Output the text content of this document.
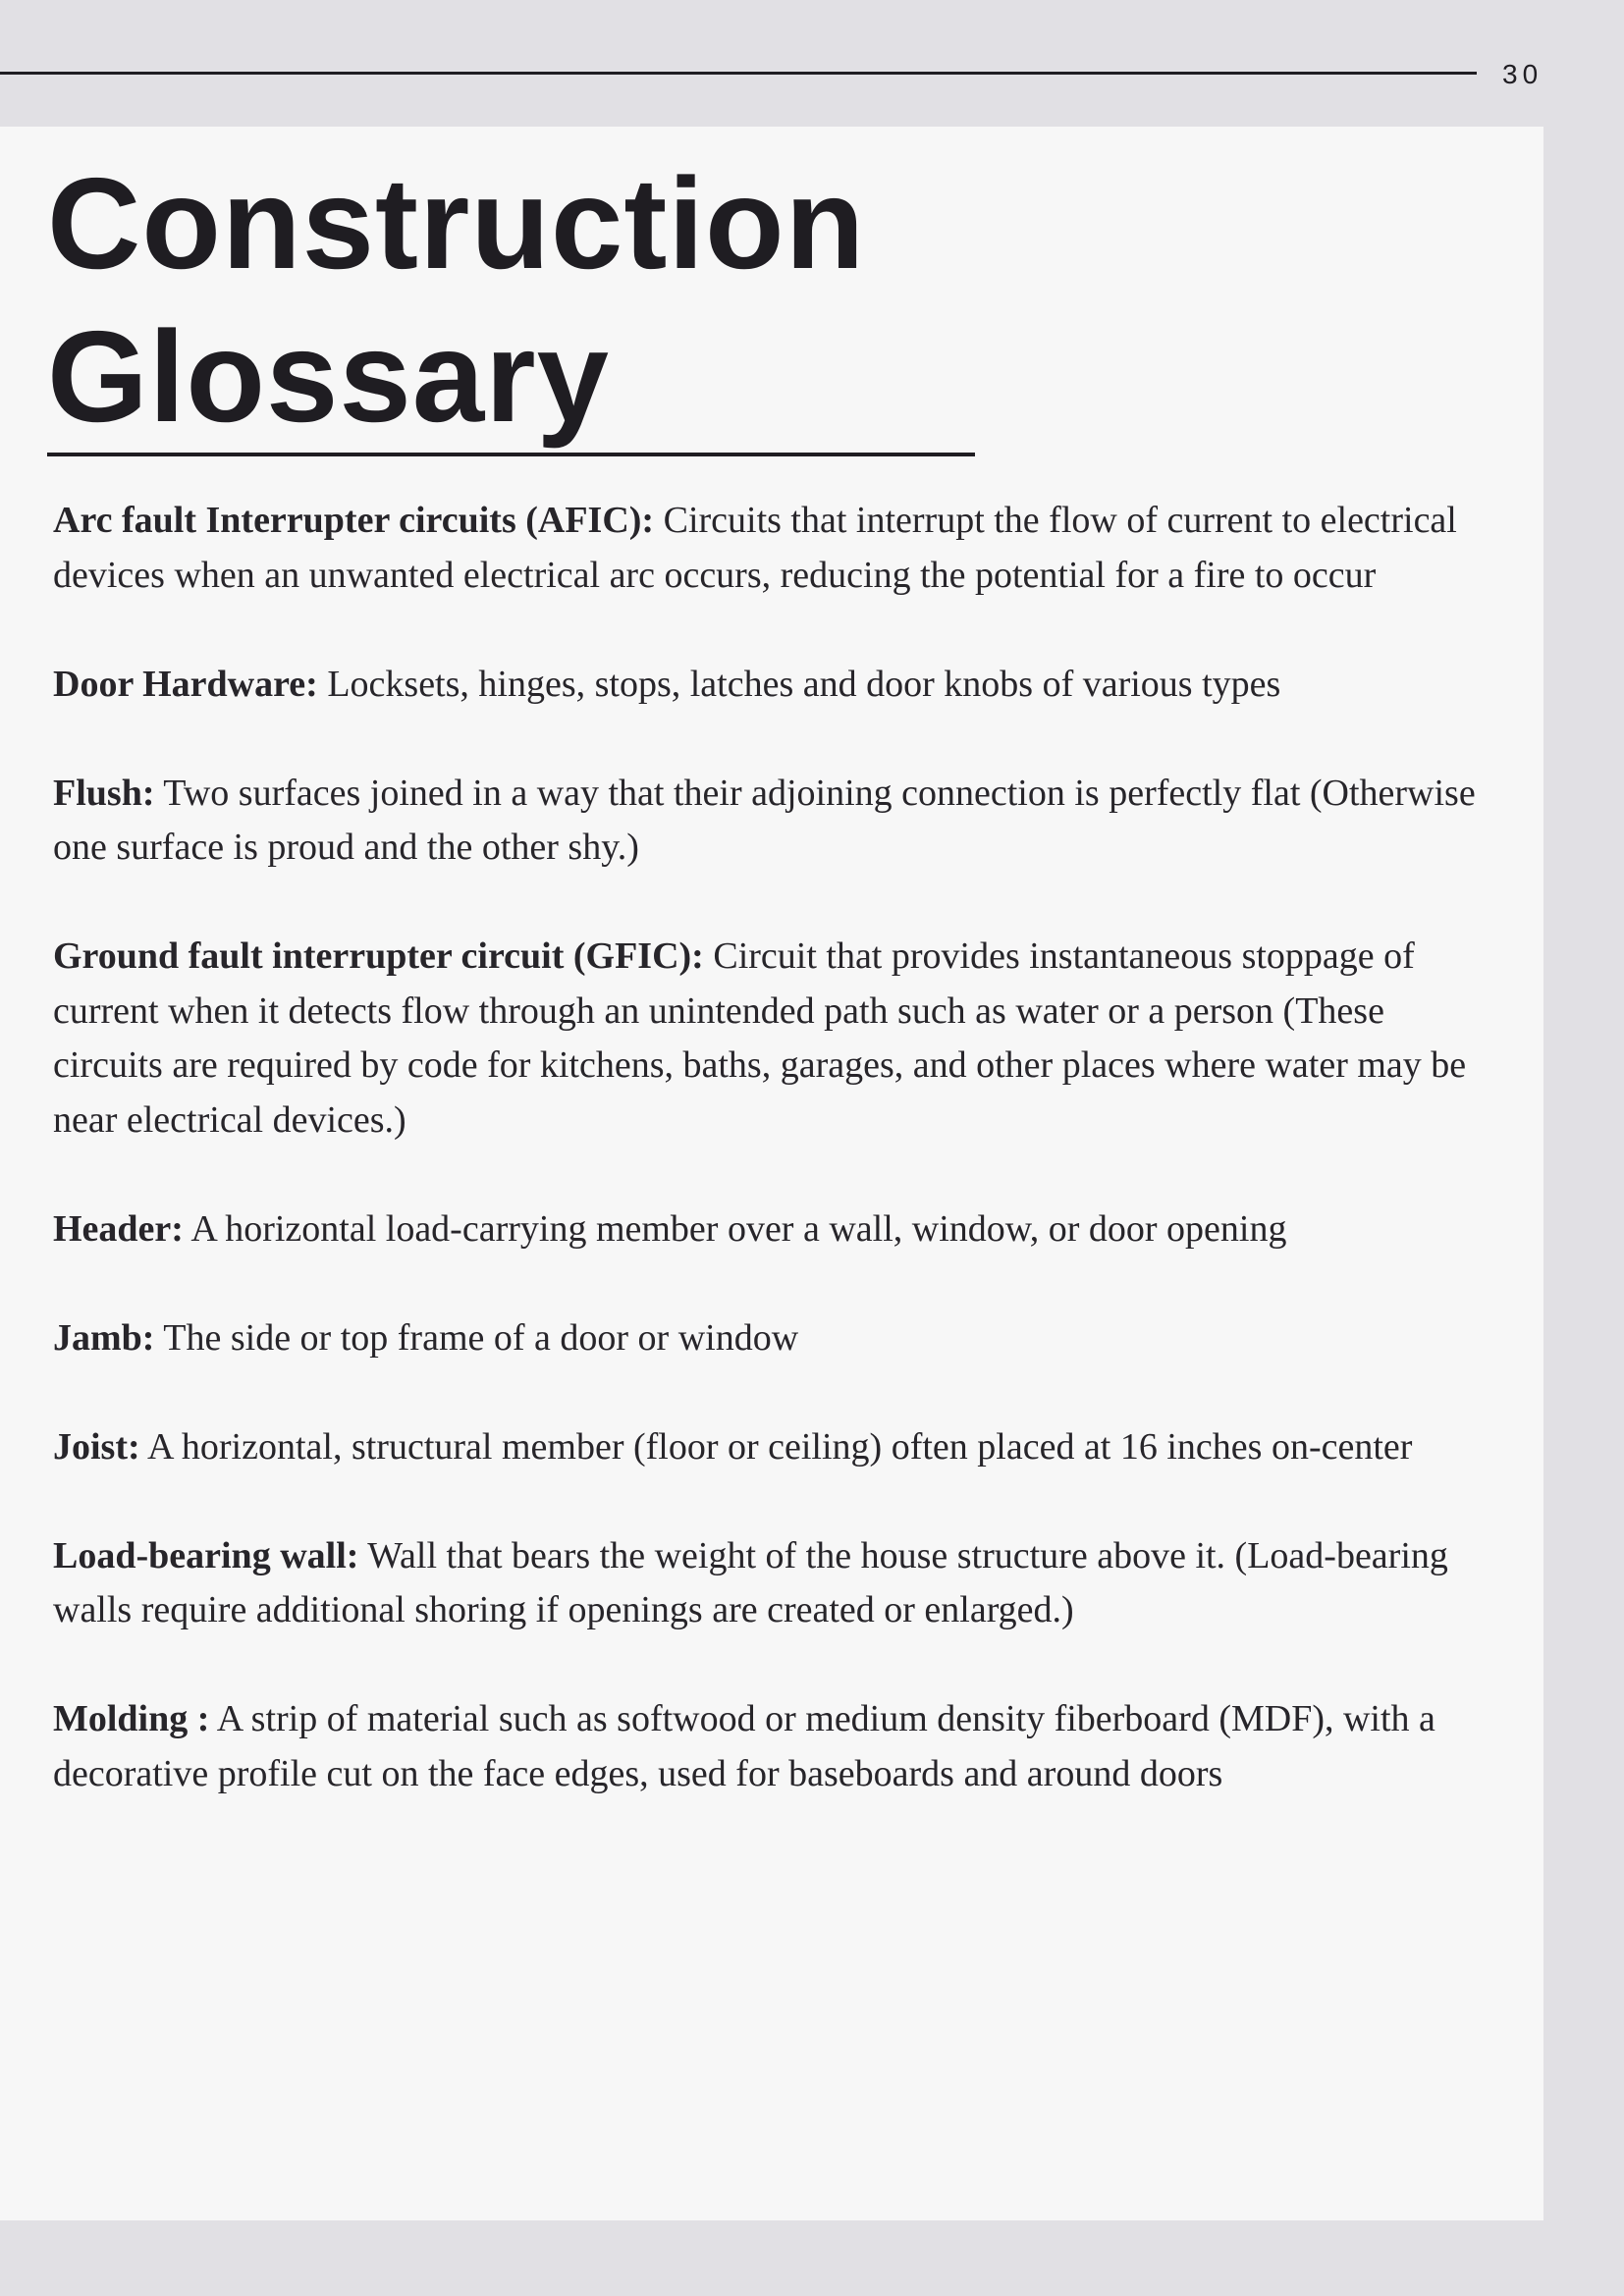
30
Construction
Glossary
Arc fault Interrupter circuits (AFIC): Circuits that interrupt the flow of current to electrical devices when an unwanted electrical arc occurs, reducing the potential for a fire to occur
Door Hardware: Locksets, hinges, stops, latches and door knobs of various types
Flush: Two surfaces joined in a way that their adjoining connection is perfectly flat (Otherwise one surface is proud and the other shy.)
Ground fault interrupter circuit (GFIC): Circuit that provides instantaneous stoppage of current when it detects flow through an unintended path such as water or a person (These circuits are required by code for kitchens, baths, garages, and other places where water may be near electrical devices.)
Header: A horizontal load-carrying member over a wall, window, or door opening
Jamb: The side or top frame of a door or window
Joist: A horizontal, structural member (floor or ceiling) often placed at 16 inches on-center
Load-bearing wall: Wall that bears the weight of the house structure above it. (Load-bearing walls require additional shoring if openings are created or enlarged.)
Molding : A strip of material such as softwood or medium density fiberboard (MDF), with a decorative profile cut on the face edges, used for baseboards and around doors
